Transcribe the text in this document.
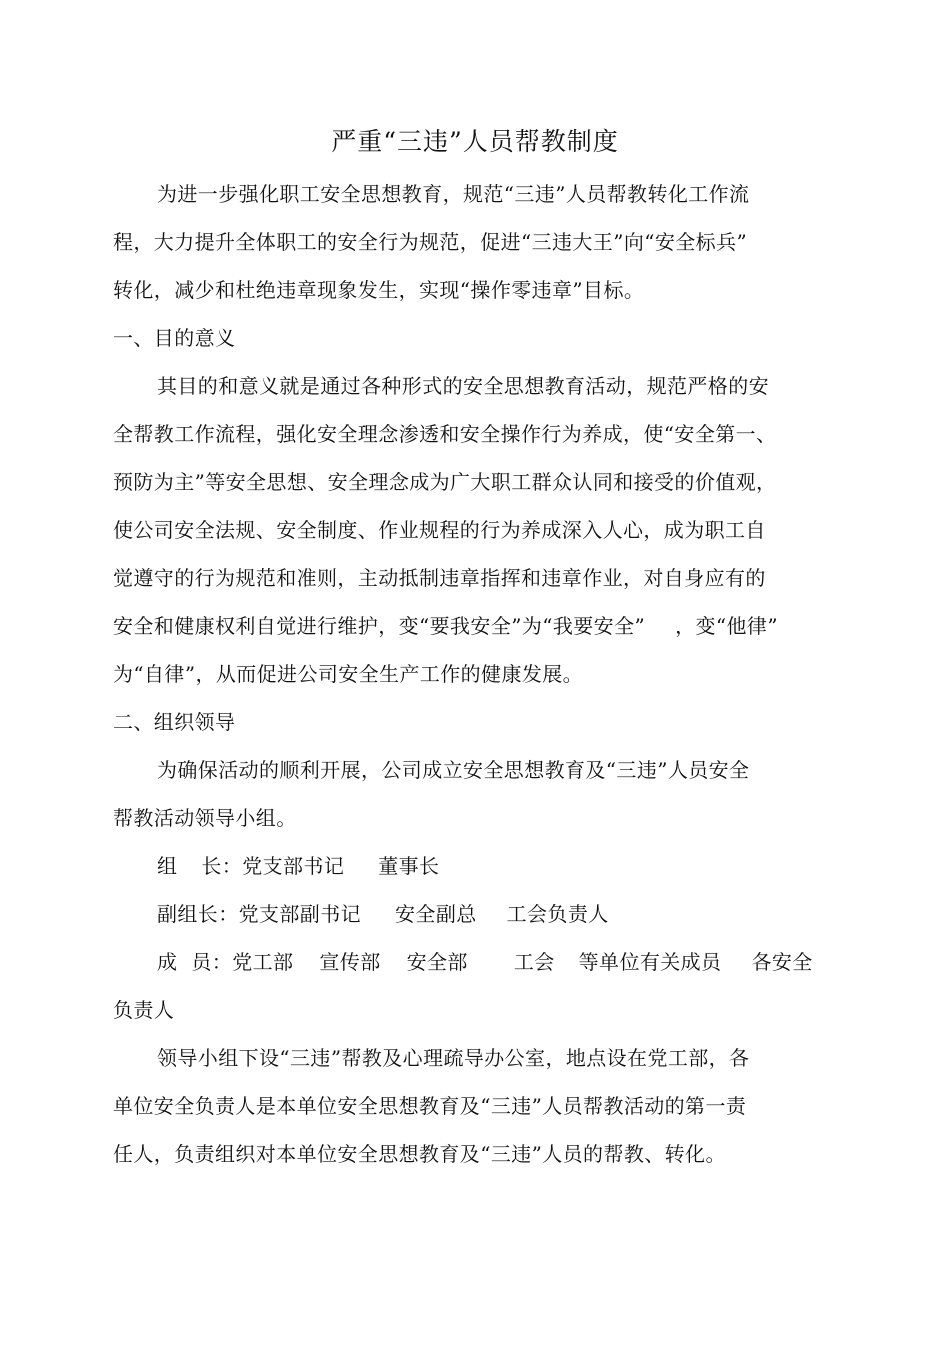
严重“三违”人员帮教制度
为进一步强化职工安全思想教育，规范“三违”人员帮教转化工作流
程，大力提升全体职工的安全行为规范，促进“三违大王”向“安全标兵”
转化，减少和杜绝违章现象发生，实现“操作零违章”目标。
一、目的意义
其目的和意义就是通过各种形式的安全思想教育活动，规范严格的安
全帮教工作流程，强化安全理念渗透和安全操作行为养成，使“安全第一、
预防为主”等安全思想、安全理念成为广大职工群众认同和接受的价值观，
使公司安全法规、安全制度、作业规程的行为养成深入人心，成为职工自
觉遵守的行为规范和准则，主动抵制违章指挥和违章作业，对自身应有的
安全和健康权利自觉进行维护，变“要我安全”为“我要安全” ，变“他律”
为“自律”，从而促进公司安全生产工作的健康发展。
二、组织领导
为确保活动的顺利开展，公司成立安全思想教育及“三违”人员安全
帮教活动领导小组。
组 长：党支部书记 董事长
副组长：党支部副书记 安全副总 工会负责人
成 员：党工部 宣传部 安全部 工会 等单位有关成员 各安全
负责人
领导小组下设“三违”帮教及心理疏导办公室，地点设在党工部，各
单位安全负责人是本单位安全思想教育及“三违”人员帮教活动的第一责
任人，负责组织对本单位安全思想教育及“三违”人员的帮教、转化。
